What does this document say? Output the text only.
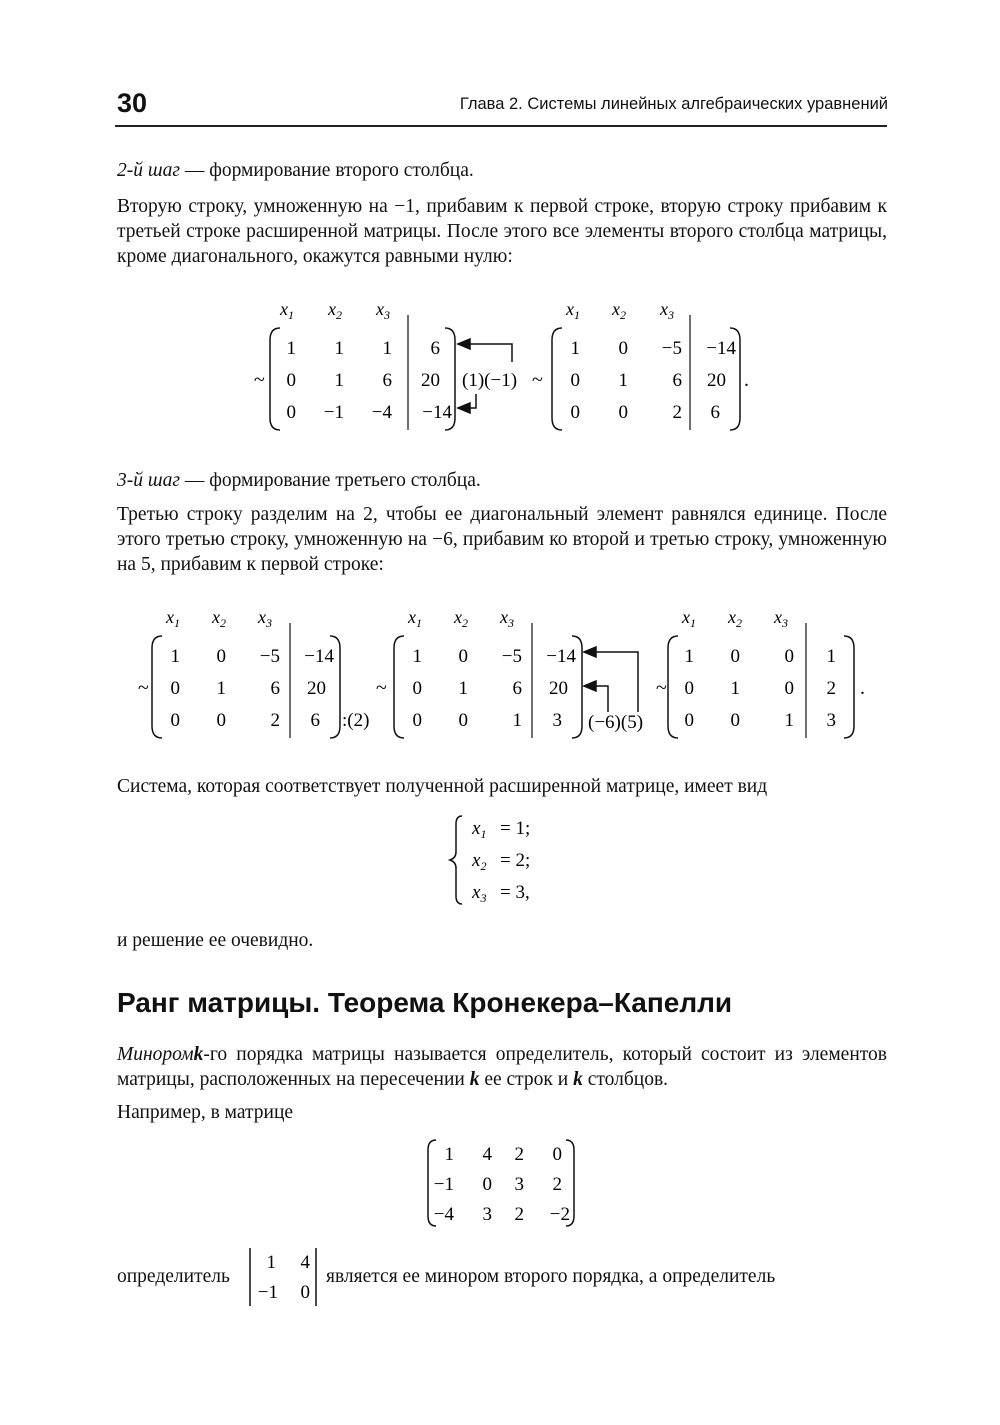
30	Глава 2. Системы линейных алгебраических уравнений
2-й шаг — формирование второго столбца.
Вторую строку, умноженную на −1, прибавим к первой строке, вторую строку прибавим к третьей строке расширенной матрицы. После этого все элементы второго столбца матрицы, кроме диагонального, окажутся равными нулю:
$x_1$ $x_2$ $x_3$
~
1 1 1 6
0 1 6 20
0 −1 −4 −14
(1)(−1) ~
$x_1$ $x_2$ $x_3$
1 0 −5 −14
0 1 6 20
0 0 2 6
.
3-й шаг — формирование третьего столбца.
Третью строку разделим на 2, чтобы ее диагональный элемент равнялся единице. После этого третью строку, умноженную на −6, прибавим ко второй и третью строку, умноженную на 5, прибавим к первой строке:
~
$x_1$ $x_2$ $x_3$
1 0 −5 −14
0 1 6 20
0 0 2 6 :(2)
~
$x_1$ $x_2$ $x_3$
1 0 −5 −14
0 1 6 20
0 0 1 3 (−6)(5)
~
$x_1$ $x_2$ $x_3$
1 0 0 1
0 1 0 2
0 0 1 3
.
Система, которая соответствует полученной расширенной матрице, имеет вид
$x_1 = 1$;
$x_2 = 2$;
$x_3 = 3$,
и решение ее очевидно.
Ранг матрицы. Теорема Кронекера–Капелли
Миноромk-го порядка матрицы называется определитель, который состоит из элементов матрицы, расположенных на пересечении k ее строк и k столбцов.
Например, в матрице
1 4 2 0
−1 0 3 2
−4 3 2 −2
определитель
1 4
−1 0
является ее минором второго порядка, а определитель
